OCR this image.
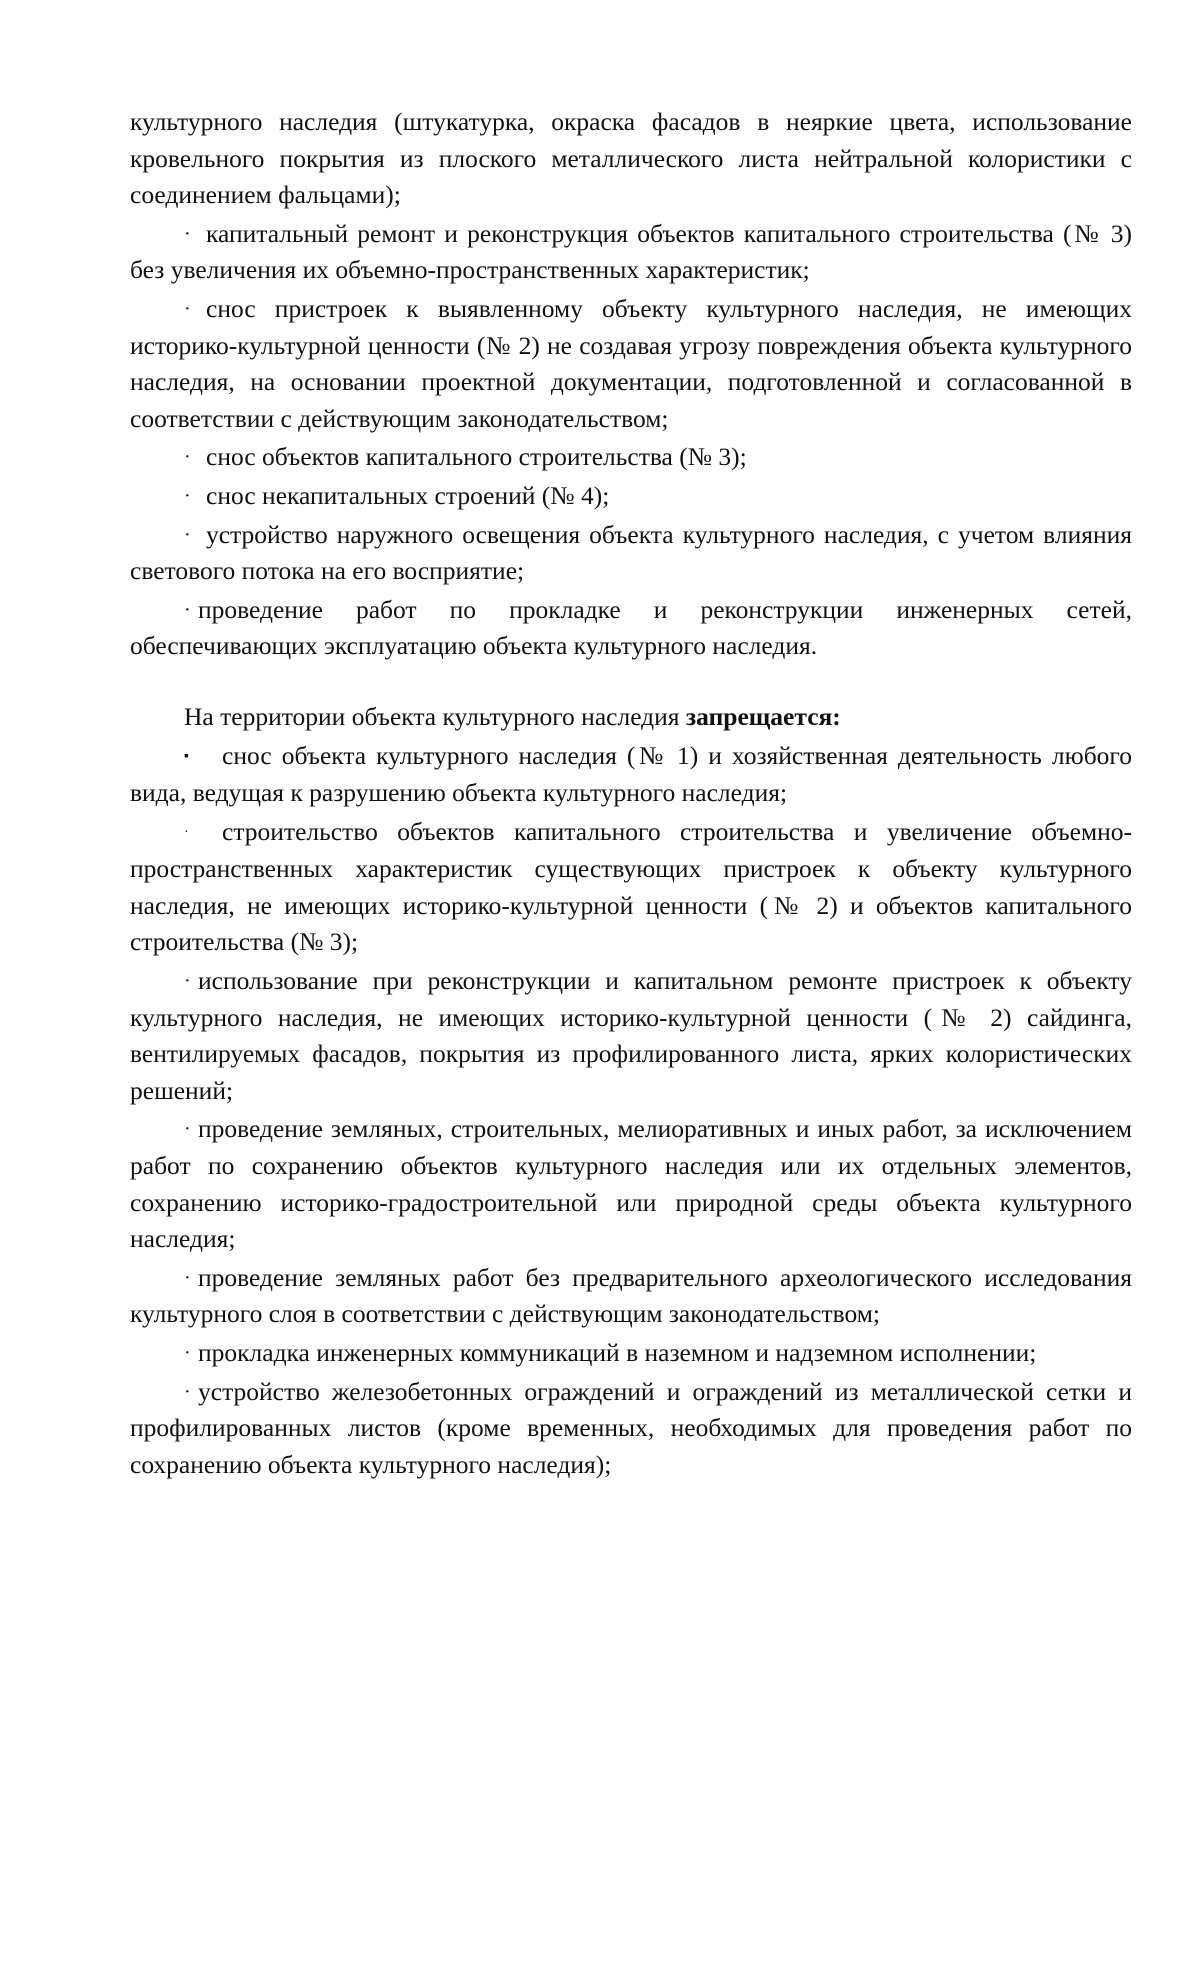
культурного наследия (штукатурка, окраска фасадов в неяркие цвета, использование кровельного покрытия из плоского металлического листа нейтральной колористики с соединением фальцами);

· капитальный ремонт и реконструкция объектов капитального строительства (№ 3) без увеличения их объемно-пространственных характеристик;

· снос пристроек к выявленному объекту культурного наследия, не имеющих историко-культурной ценности (№ 2) не создавая угрозу повреждения объекта культурного наследия, на основании проектной документации, подготовленной и согласованной в соответствии с действующим законодательством;

· снос объектов капитального строительства (№ 3);

· снос некапитальных строений (№ 4);

· устройство наружного освещения объекта культурного наследия, с учетом влияния светового потока на его восприятие;

· проведение работ по прокладке и реконструкции инженерных сетей, обеспечивающих эксплуатацию объекта культурного наследия.

На территории объекта культурного наследия запрещается:

▪ снос объекта культурного наследия (№ 1) и хозяйственная деятельность любого вида, ведущая к разрушению объекта культурного наследия;

· строительство объектов капитального строительства и увеличение объемно-пространственных характеристик существующих пристроек к объекту культурного наследия, не имеющих историко-культурной ценности (№ 2) и объектов капитального строительства (№ 3);

· использование при реконструкции и капитальном ремонте пристроек к объекту культурного наследия, не имеющих историко-культурной ценности (№ 2) сайдинга, вентилируемых фасадов, покрытия из профилированного листа, ярких колористических решений;

· проведение земляных, строительных, мелиоративных и иных работ, за исключением работ по сохранению объектов культурного наследия или их отдельных элементов, сохранению историко-градостроительной или природной среды объекта культурного наследия;

· проведение земляных работ без предварительного археологического исследования культурного слоя в соответствии с действующим законодательством;

· прокладка инженерных коммуникаций в наземном и надземном исполнении;

· устройство железобетонных ограждений и ограждений из металлической сетки и профилированных листов (кроме временных, необходимых для проведения работ по сохранению объекта культурного наследия);
